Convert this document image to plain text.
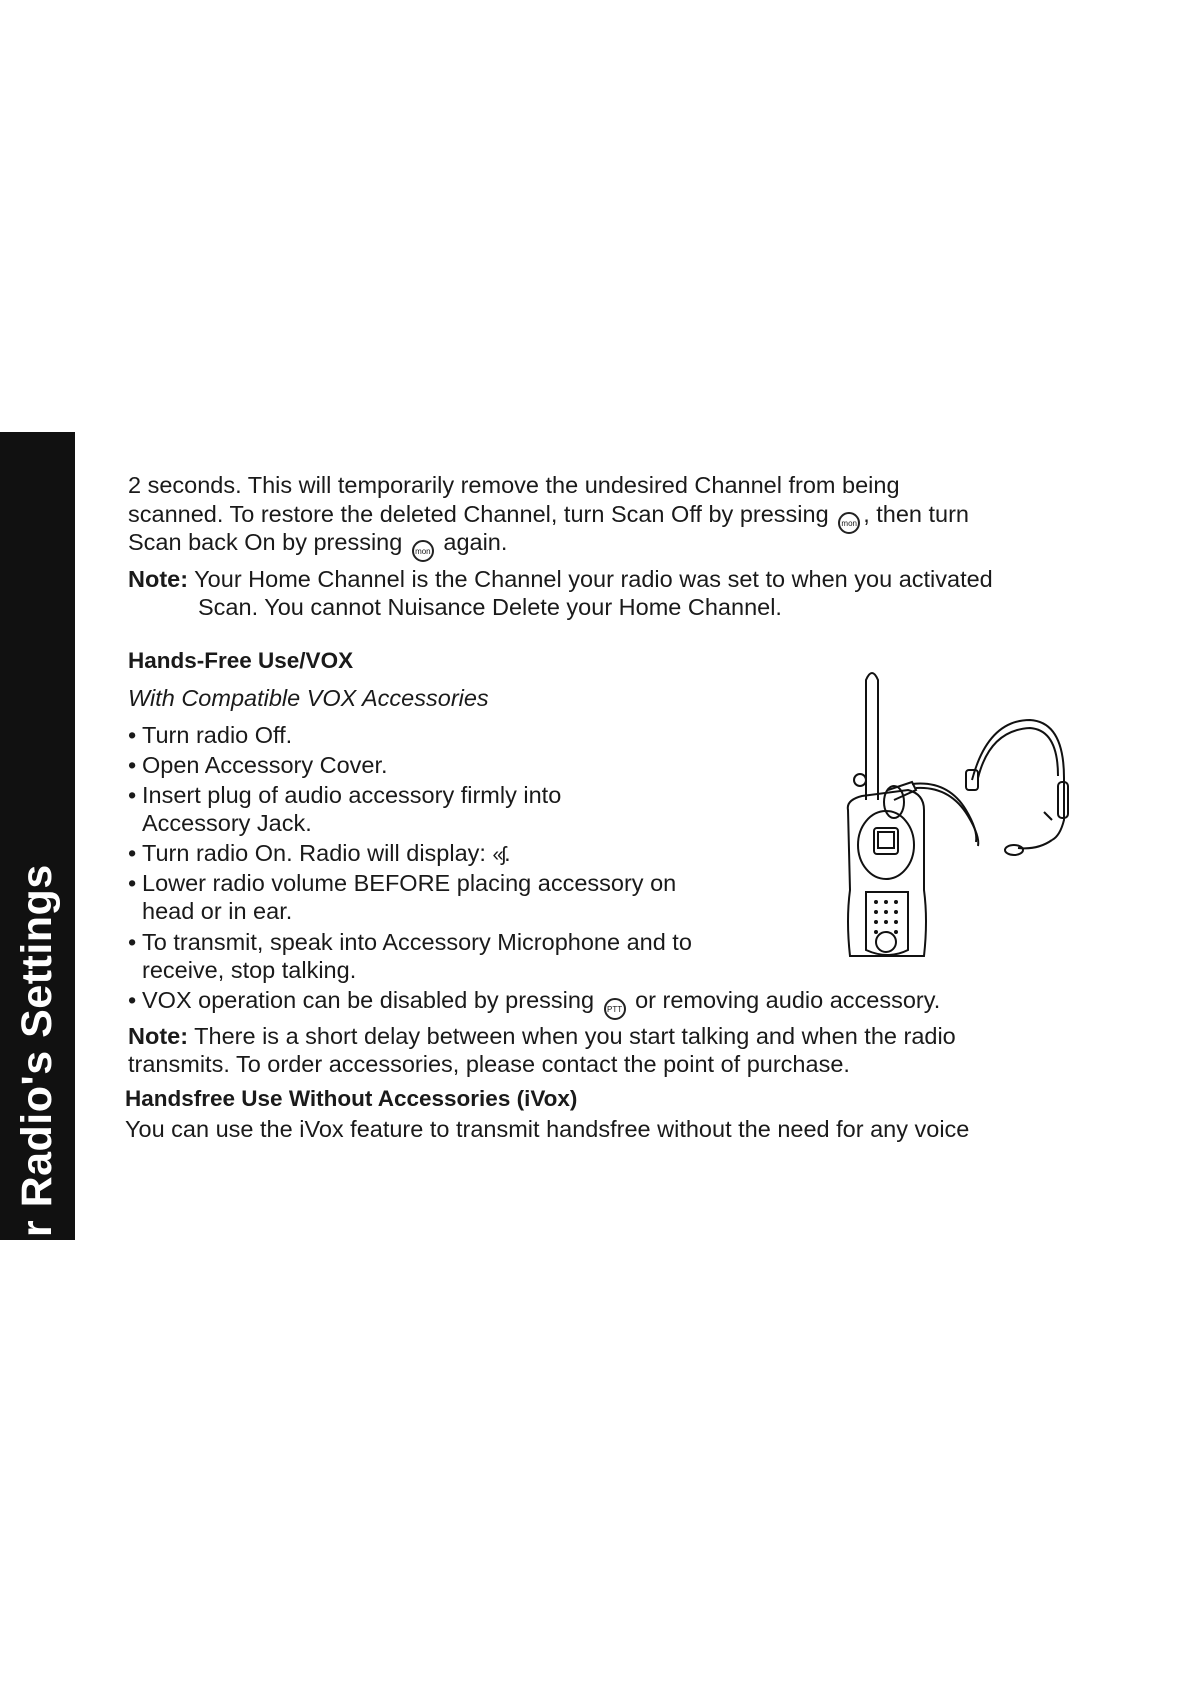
Changing your Radio's Settings
24
2 seconds. This will temporarily remove the undesired Channel from being
scanned. To restore the deleted Channel, turn Scan Off by pressing mon , then turn
Scan back On by pressing mon again.
Note: Your Home Channel is the Channel your radio was set to when you activated
Scan. You cannot Nuisance Delete your Home Channel.
Hands-Free Use/VOX
With Compatible VOX Accessories
• Turn radio Off.
• Open Accessory Cover.
• Insert plug of audio accessory firmly into
Accessory Jack.
• Turn radio On. Radio will display: «ʃ.
• Lower radio volume BEFORE placing accessory on
head or in ear.
• To transmit, speak into Accessory Microphone and to
receive, stop talking.
• VOX operation can be disabled by pressing PTT or removing audio accessory.
Note: There is a short delay between when you start talking and when the radio
transmits. To order accessories, please contact the point of purchase.
Handsfree Use Without Accessories (iVox)
You can use the iVox feature to transmit handsfree without the need for any voice
